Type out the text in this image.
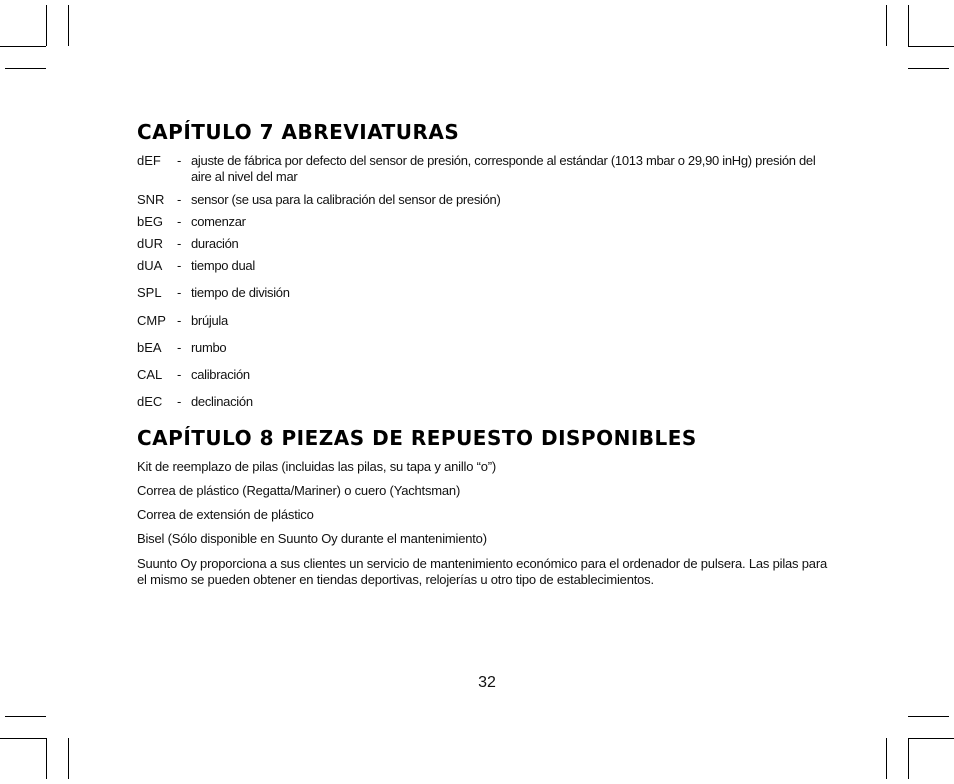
CAPÍTULO 7 ABREVIATURAS
dEF	- ajuste de fábrica por defecto del sensor de presión, corresponde al estándar (1013 mbar o 29,90 inHg) presión del aire al nivel del mar
SNR - sensor (se usa para la calibración del sensor de presión)
bEG	- comenzar
dUR	- duración
dUA	- tiempo dual
SPL	- tiempo de división
CMP - brújula
bEA	- rumbo
CAL	- calibración
dEC	- declinación
CAPÍTULO 8 PIEZAS DE REPUESTO DISPONIBLES

Kit de reemplazo de pilas (incluidas las pilas, su tapa y anillo “o”)

Correa de plástico (Regatta/Mariner) o cuero (Yachtsman)

Correa de extensión de plástico

Bisel (Sólo disponible en Suunto Oy durante el mantenimiento)

Suunto Oy proporciona a sus clientes un servicio de mantenimiento económico para el ordenador de pulsera. Las pilas para el mismo se pueden obtener en tiendas deportivas, relojerías u otro tipo de establecimientos.

32
